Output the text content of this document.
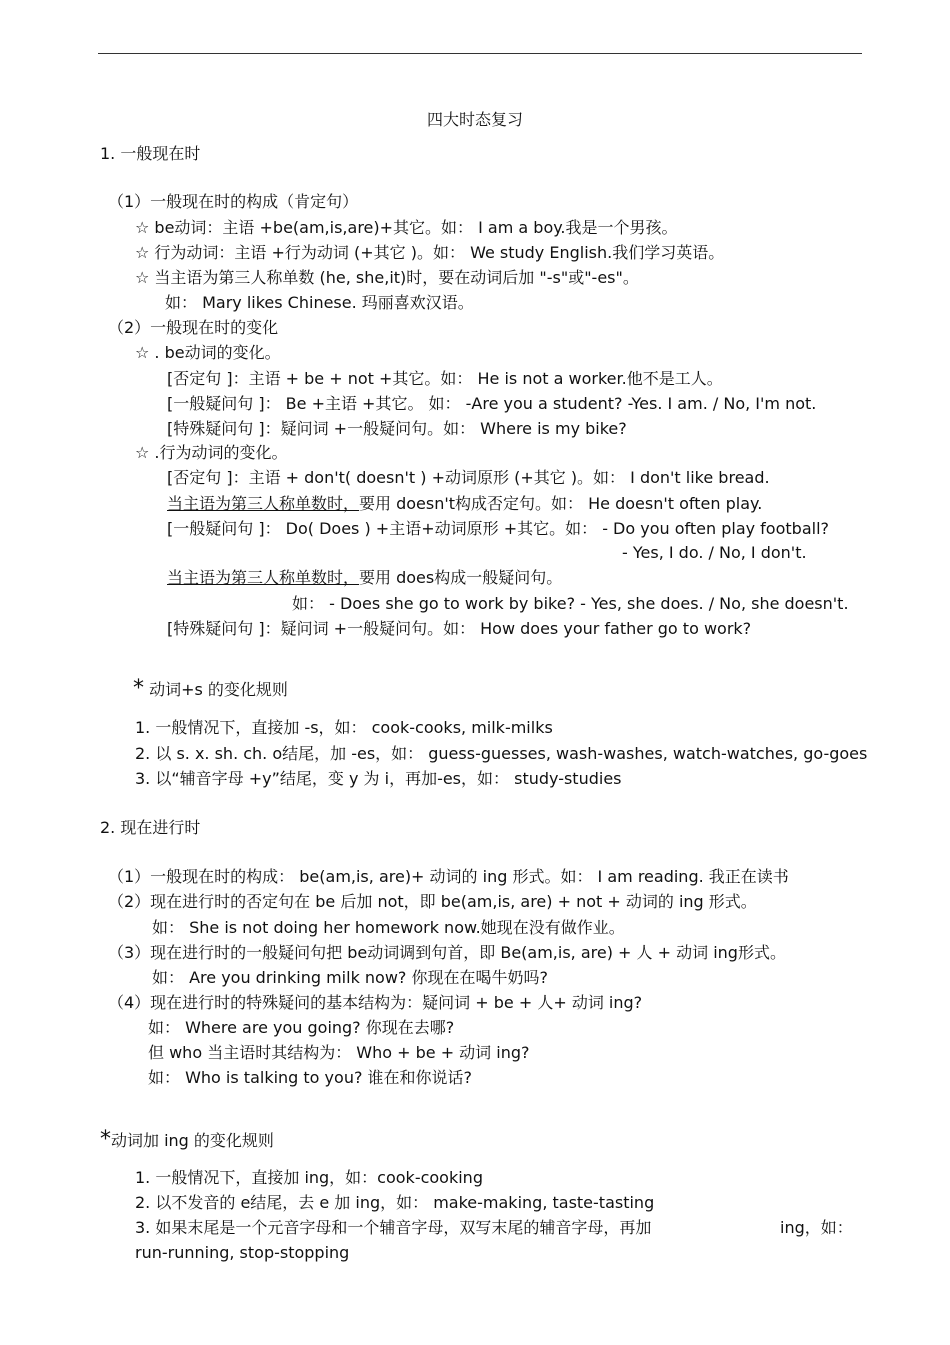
四大时态复习
1. 一般现在时
（1）一般现在时的构成（肯定句）
☆ be动词：主语 +be(am,is,are)+其它。如： I am a boy.我是一个男孩。
☆ 行为动词：主语 +行为动词 (+其它 )。如： We study English.我们学习英语。
☆ 当主语为第三人称单数 (he, she,it)时，要在动词后加 "-s"或"-es"。
如： Mary likes Chinese. 玛丽喜欢汉语。
（2）一般现在时的变化
☆ . be动词的变化。
[否定句 ]：主语 + be + not +其它。如： He is not a worker.他不是工人。
[一般疑问句 ]： Be +主语 +其它。 如： -Are you a student? -Yes. I am. / No, I'm not.
[特殊疑问句 ]：疑问词 +一般疑问句。如： Where is my bike?
☆ .行为动词的变化。
[否定句 ]：主语 + don't( doesn't ) +动词原形 (+其它 )。如： I don't like bread.
当主语为第三人称单数时，要用 doesn't构成否定句。如： He doesn't often play.
[一般疑问句 ]： Do( Does ) +主语+动词原形 +其它。如： - Do you often play football?
- Yes, I do. / No, I don't.
当主语为第三人称单数时，要用 does构成一般疑问句。
如： - Does she go to work by bike? - Yes, she does. / No, she doesn't.
[特殊疑问句 ]：疑问词 +一般疑问句。如： How does your father go to work?
* 动词+s 的变化规则
1. 一般情况下，直接加 -s，如： cook-cooks, milk-milks
2. 以 s. x. sh. ch. o结尾，加 -es，如： guess-guesses, wash-washes, watch-watches, go-goes
3. 以“辅音字母 +y”结尾，变 y 为 i，再加-es，如： study-studies
2. 现在进行时
（1）一般现在时的构成： be(am,is, are)+ 动词的 ing 形式。如： I am reading. 我正在读书
（2）现在进行时的否定句在 be 后加 not，即 be(am,is, are) + not + 动词的 ing 形式。
如： She is not doing her homework now.她现在没有做作业。
（3）现在进行时的一般疑问句把 be动词调到句首，即 Be(am,is, are) + 人 + 动词 ing形式。
如： Are you drinking milk now? 你现在在喝牛奶吗?
（4）现在进行时的特殊疑问的基本结构为：疑问词 + be + 人+ 动词 ing?
如： Where are you going? 你现在去哪?
但 who 当主语时其结构为： Who + be + 动词 ing?
如： Who is talking to you? 谁在和你说话?
*动词加 ing 的变化规则
1. 一般情况下，直接加 ing，如：cook-cooking
2. 以不发音的 e结尾，去 e 加 ing，如： make-making, taste-tasting
3. 如果末尾是一个元音字母和一个辅音字母，双写末尾的辅音字母，再加	ing，如：
run-running, stop-stopping
